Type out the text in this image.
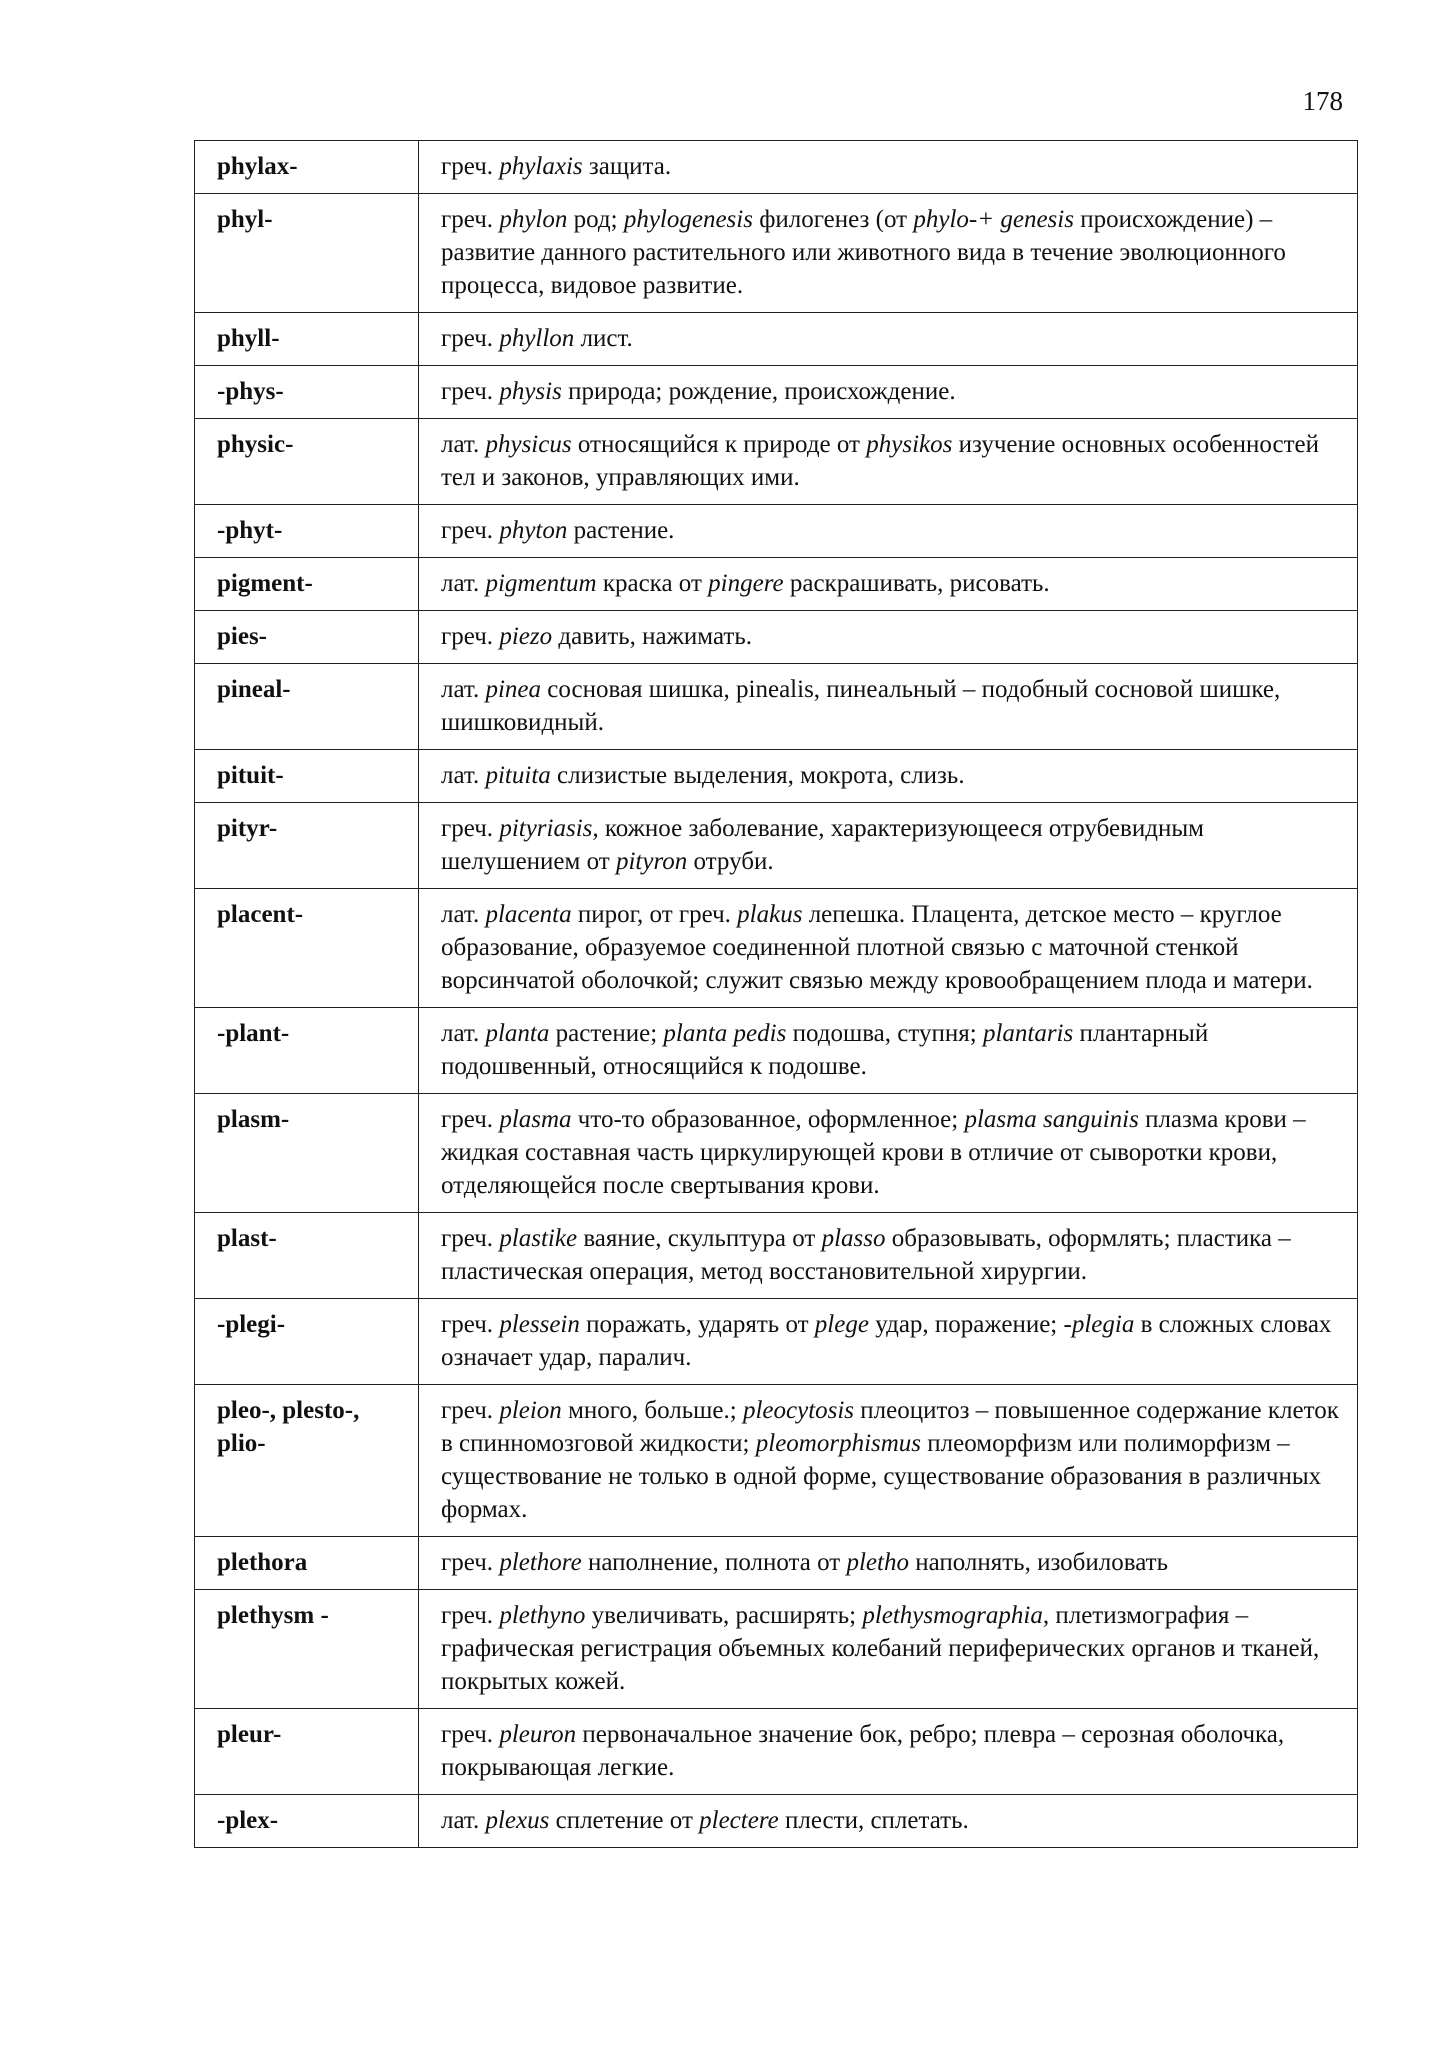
178
phylax-	греч. phylaxis защита.
phyl-	греч. phylon род; phylogenesis филогенез (от phylo-+ genesis происхождение) – развитие данного растительного или животного вида в течение эволюционного процесса, видовое развитие.
phyll-	греч. phyllon лист.
-phys-	греч. physis природа; рождение, происхождение.
physic-	лат. physicus относящийся к природе от physikos изучение основных особенностей тел и законов, управляющих ими.
-phyt-	греч. phyton растение.
pigment-	лат. pigmentum краска от pingere раскрашивать, рисовать.
pies-	греч. piezo давить, нажимать.
pineal-	лат. pinea сосновая шишка, pinealis, пинеальный – подобный сосновой шишке, шишковидный.
pituit-	лат. pituita слизистые выделения, мокрота, слизь.
pityr-	греч. pityriasis, кожное заболевание, характеризующееся отрубевидным шелушением от pityron отруби.
placent-	лат. placenta пирог, от греч. plakus лепешка. Плацента, детское место – круглое образование, образуемое соединенной плотной связью с маточной стенкой ворсинчатой оболочкой; служит связью между кровообращением плода и матери.
-plant-	лат. planta растение; planta pedis подошва, ступня; plantaris плантарный подошвенный, относящийся к подошве.
plasm-	греч. plasma что-то образованное, оформленное; plasma sanguinis плазма крови – жидкая составная часть циркулирующей крови в отличие от сыворотки крови, отделяющейся после свертывания крови.
plast-	греч. plastike ваяние, скульптура от plasso образовывать, оформлять; пластика – пластическая операция, метод восстановительной хирургии.
-plegi-	греч. plessein поражать, ударять от plege удар, поражение; -plegia в сложных словах означает удар, паралич.
pleo-, plesto-, plio-	греч. pleion много, больше.; pleocytosis плеоцитоз – повышенное содержание клеток в спинномозговой жидкости; pleomorphismus плеоморфизм или полиморфизм – существование не только в одной форме, существование образования в различных формах.
plethora	греч. plethore наполнение, полнота от pletho наполнять, изобиловать
plethysm -	греч. plethyno увеличивать, расширять; plethysmographia, плетизмография – графическая регистрация объемных колебаний периферических органов и тканей, покрытых кожей.
pleur-	греч. pleuron первоначальное значение бок, ребро; плевра – серозная оболочка, покрывающая легкие.
-plex-	лат. plexus сплетение от plectere плести, сплетать.
